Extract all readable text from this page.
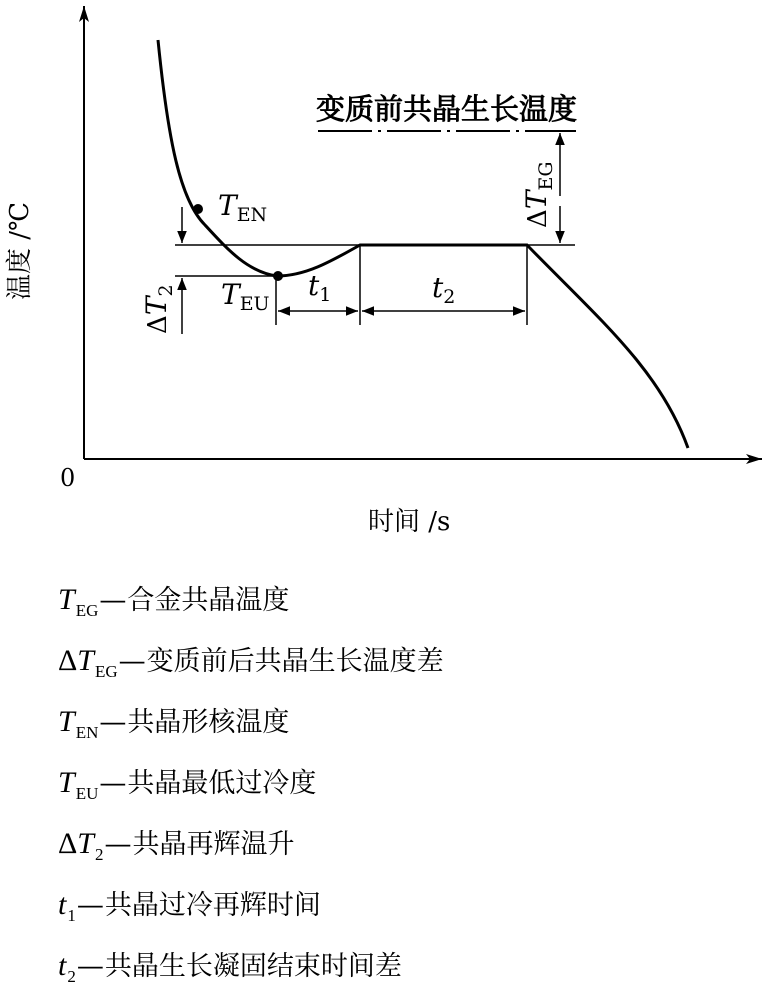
0
时间 /s
温度 /℃
变质前共晶生长温度
TEN
TEU
t1	t2
ΔT2
ΔTEG
$T_{EG}—$合金共晶温度
$\Delta T_{EG}—$变质前后共晶生长温度差
$T_{EN}—$共晶形核温度
$T_{EU}—$共晶最低过冷度
$\Delta T_2—$共晶再辉温升
$t_1—$共晶过冷再辉时间
$t_2—$共晶生长凝固结束时间差
